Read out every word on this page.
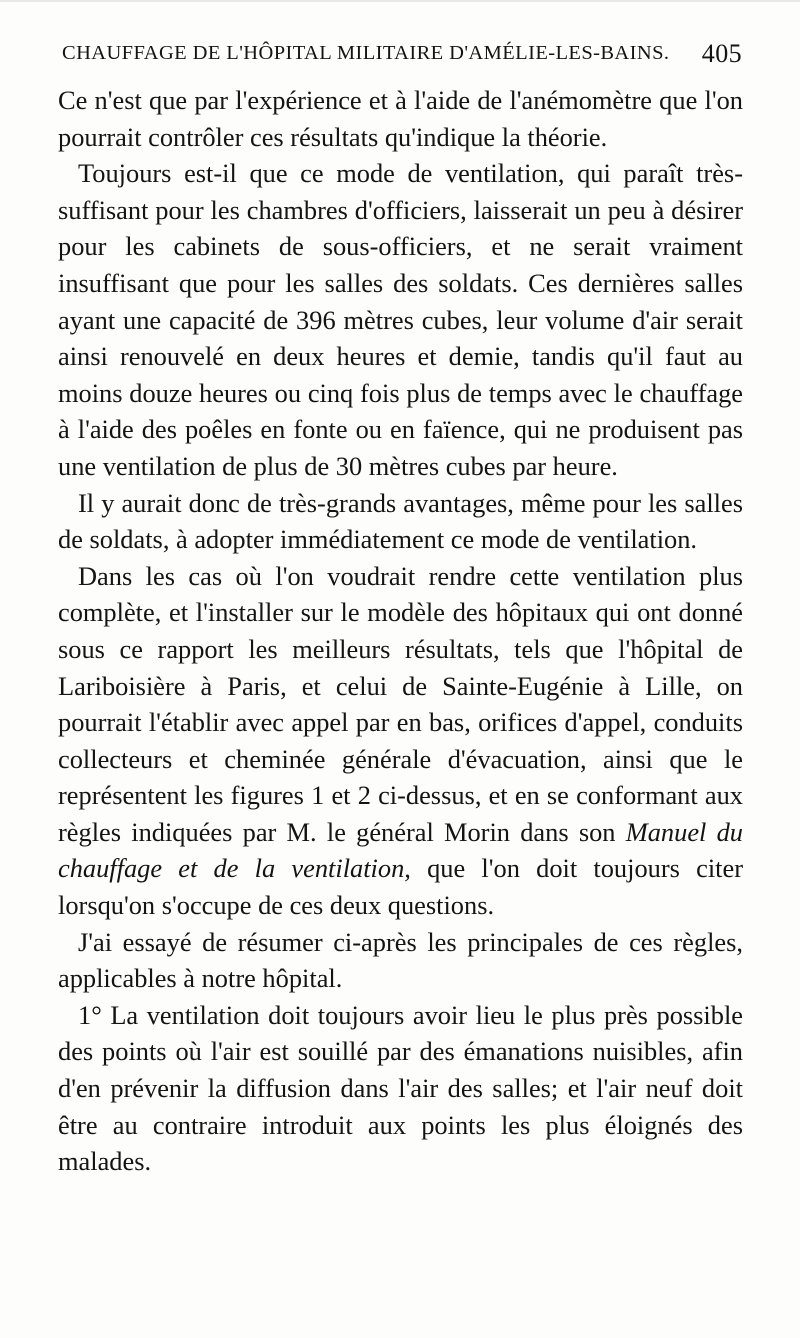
CHAUFFAGE DE L'HÔPITAL MILITAIRE D'AMÉLIE-LES-BAINS. 405

Ce n'est que par l'expérience et à l'aide de l'anémomètre que l'on pourrait contrôler ces résultats qu'indique la théorie.

Toujours est-il que ce mode de ventilation, qui paraît très-suffisant pour les chambres d'officiers, laisserait un peu à désirer pour les cabinets de sous-officiers, et ne serait vraiment insuffisant que pour les salles des soldats. Ces dernières salles ayant une capacité de 396 mètres cubes, leur volume d'air serait ainsi renouvelé en deux heures et demie, tandis qu'il faut au moins douze heures ou cinq fois plus de temps avec le chauffage à l'aide des poêles en fonte ou en faïence, qui ne produisent pas une ventilation de plus de 30 mètres cubes par heure.

Il y aurait donc de très-grands avantages, même pour les salles de soldats, à adopter immédiatement ce mode de ventilation.

Dans les cas où l'on voudrait rendre cette ventilation plus complète, et l'installer sur le modèle des hôpitaux qui ont donné sous ce rapport les meilleurs résultats, tels que l'hôpital de Lariboisière à Paris, et celui de Sainte-Eugénie à Lille, on pourrait l'établir avec appel par en bas, orifices d'appel, conduits collecteurs et cheminée générale d'évacuation, ainsi que le représentent les figures 1 et 2 ci-dessus, et en se conformant aux règles indiquées par M. le général Morin dans son Manuel du chauffage et de la ventilation, que l'on doit toujours citer lorsqu'on s'occupe de ces deux questions.

J'ai essayé de résumer ci-après les principales de ces règles, applicables à notre hôpital.

1° La ventilation doit toujours avoir lieu le plus près possible des points où l'air est souillé par des émanations nuisibles, afin d'en prévenir la diffusion dans l'air des salles; et l'air neuf doit être au contraire introduit aux points les plus éloignés des malades.
